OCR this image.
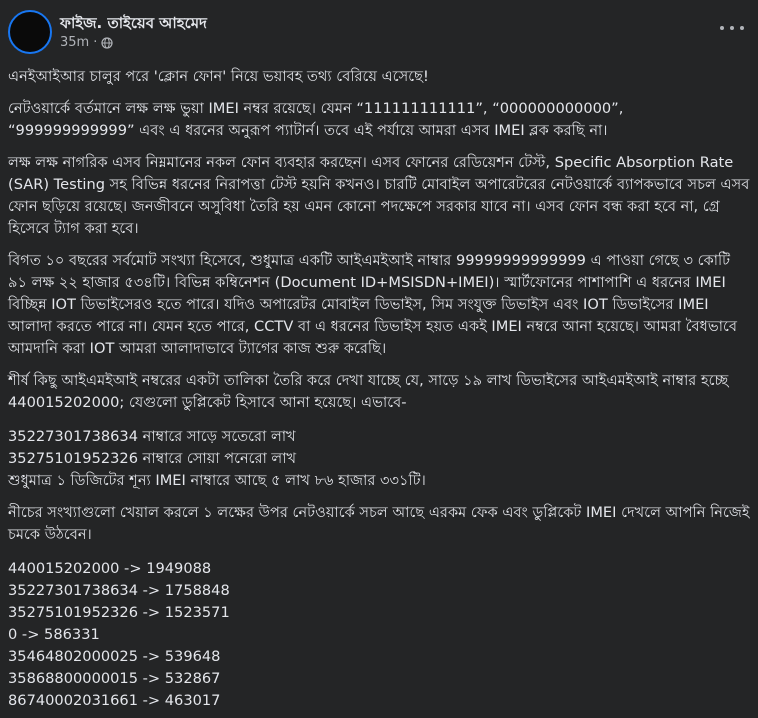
ফাইজ. তাইয়েব আহমেদ
35m ·

এনইআইআর চালুর পরে 'ক্লোন ফোন' নিয়ে ভয়াবহ তথ্য বেরিয়ে এসেছে!

নেটওয়ার্কে বর্তমানে লক্ষ লক্ষ ভুয়া IMEI নম্বর রয়েছে। যেমন “111111111111”, “000000000000”,
“999999999999” এবং এ ধরনের অনুরূপ প্যাটার্ন। তবে এই পর্যায়ে আমরা এসব IMEI ব্লক করছি না।

লক্ষ লক্ষ নাগরিক এসব নিম্নমানের নকল ফোন ব্যবহার করছেন। এসব ফোনের রেডিয়েশন টেস্ট, Specific Absorption Rate (SAR) Testing সহ বিভিন্ন ধরনের নিরাপত্তা টেস্ট হয়নি কখনও। চারটি মোবাইল অপারেটরের নেটওয়ার্কে ব্যাপকভাবে সচল এসব ফোন ছড়িয়ে রয়েছে। জনজীবনে অসুবিধা তৈরি হয় এমন কোনো পদক্ষেপে সরকার যাবে না। এসব ফোন বন্ধ করা হবে না, গ্রে হিসেবে ট্যাগ করা হবে।

বিগত ১০ বছরের সর্বমোট সংখ্যা হিসেবে, শুধুমাত্র একটি আইএমইআই নাম্বার 99999999999999 এ পাওয়া গেছে ৩ কোটি ৯১ লক্ষ ২২ হাজার ৫৩৪টি। বিভিন্ন কম্বিনেশন (Document ID+MSISDN+IMEI)। স্মার্টফোনের পাশাপাশি এ ধরনের IMEI বিচ্ছিন্ন IOT ডিভাইসেরও হতে পারে। যদিও অপারেটর মোবাইল ডিভাইস, সিম সংযুক্ত ডিভাইস এবং IOT ডিভাইসের IMEI আলাদা করতে পারে না। যেমন হতে পারে, CCTV বা এ ধরনের ডিভাইস হয়ত একই IMEI নম্বরে আনা হয়েছে। আমরা বৈধভাবে আমদানি করা IOT আমরা আলাদাভাবে ট্যাগের কাজ শুরু করেছি।

শীর্ষ কিছু আইএমইআই নম্বরের একটা তালিকা তৈরি করে দেখা যাচ্ছে যে, সাড়ে ১৯ লাখ ডিভাইসের আইএমইআই নাম্বার হচ্ছে 440015202000; যেগুলো ডুপ্লিকেট হিসাবে আনা হয়েছে। এভাবে-

35227301738634 নাম্বারে সাড়ে সতেরো লাখ
35275101952326 নাম্বারে সোয়া পনেরো লাখ
শুধুমাত্র ১ ডিজিটের শূন্য IMEI নাম্বারে আছে ৫ লাখ ৮৬ হাজার ৩৩১টি।

নীচের সংখ্যাগুলো খেয়াল করলে ১ লক্ষের উপর নেটওয়ার্কে সচল আছে এরকম ফেক এবং ডুপ্লিকেট IMEI দেখলে আপনি নিজেই চমকে উঠবেন।

440015202000 -> 1949088
35227301738634 -> 1758848
35275101952326 -> 1523571
0 -> 586331
35464802000025 -> 539648
35868800000015 -> 532867
86740002031661 -> 463017
